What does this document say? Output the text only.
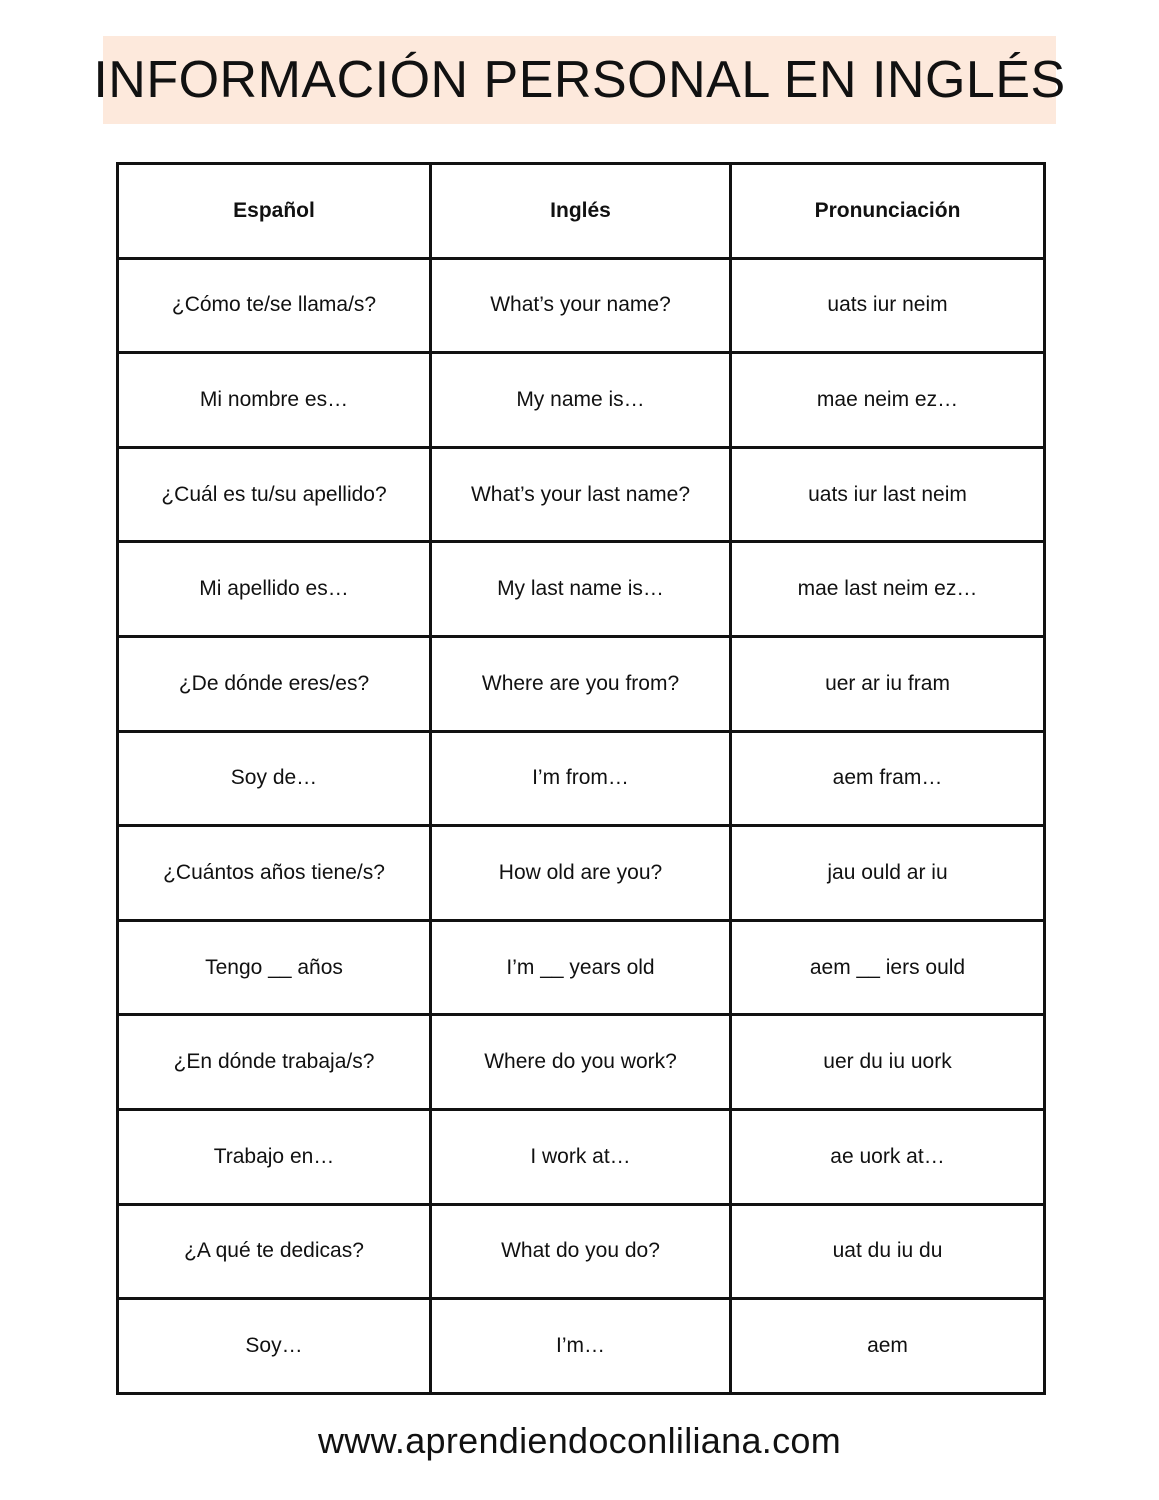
INFORMACIÓN PERSONAL EN INGLÉS
Español	Inglés	Pronunciación
¿Cómo te/se llama/s?	What’s your name?	uats iur neim
Mi nombre es…	My name is…	mae neim ez…
¿Cuál es tu/su apellido?	What’s your last name?	uats iur last neim
Mi apellido es…	My last name is…	mae last neim ez…
¿De dónde eres/es?	Where are you from?	uer ar iu fram
Soy de…	I’m from…	aem fram…
¿Cuántos años tiene/s?	How old are you?	jau ould ar iu
Tengo __ años	I’m __ years old	aem __ iers ould
¿En dónde trabaja/s?	Where do you work?	uer du iu uork
Trabajo en…	I work at…	ae uork at…
¿A qué te dedicas?	What do you do?	uat du iu du
Soy…	I’m…	aem
www.aprendiendoconliliana.com
